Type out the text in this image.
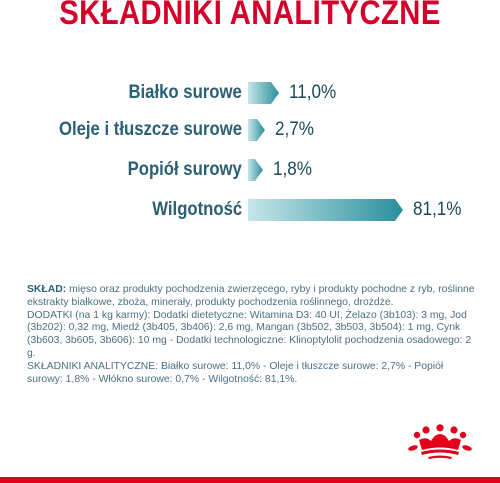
SKŁADNIKI ANALITYCZNE
Białko surowe 11,0%
Oleje i tłuszcze surowe 2,7%
Popiół surowy 1,8%
Wilgotność	81,1%

SKŁAD: mięso oraz produkty pochodzenia zwierzęcego, ryby i produkty pochodne z ryb, roślinne ekstrakty białkowe, zboża, minerały, produkty pochodzenia roślinnego, drożdże.

DODATKI (na 1 kg karmy): Dodatki dietetyczne: Witamina D3: 40 UI, Żelazo (3b103): 3 mg, Jod (3b202): 0,32 mg, Miedź (3b405, 3b406): 2,6 mg, Mangan (3b502, 3b503, 3b504): 1 mg, Cynk (3b603, 3b605, 3b606): 10 mg - Dodatki technologiczne: Klinoptylolit pochodzenia osadowego: 2 g.

SKŁADNIKI ANALITYCZNE: Białko surowe: 11,0% - Oleje i tłuszcze surowe: 2,7% - Popiół surowy: 1,8% - Włókno surowe: 0,7% - Wilgotność: 81,1%.
